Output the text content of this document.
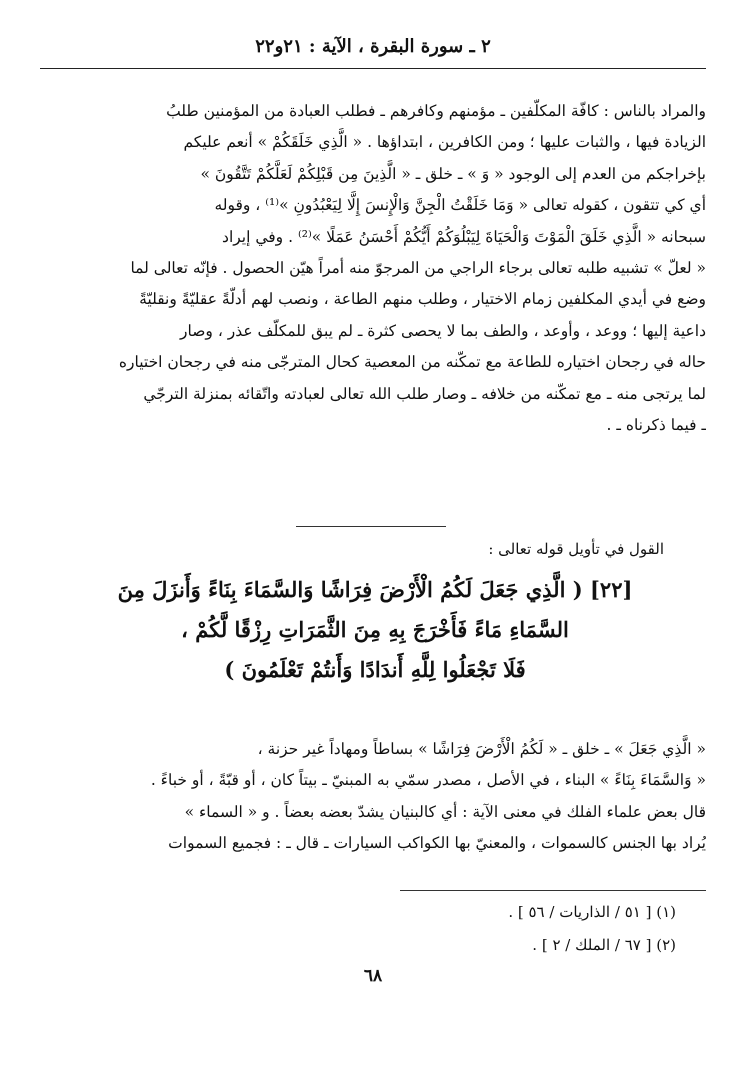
٢ ـ سورة البقرة ، الآية : ٢١و٢٢
والمراد بالناس : كافّة المكلّفين ـ مؤمنهم وكافرهم ـ فطلب العبادة من المؤمنين طلبُ
الزيادة فيها ، والثبات عليها ؛ ومن الكافرين ، ابتداؤها . « الَّذِي خَلَقَكُمْ » أنعم عليكم
بإخراجكم من العدم إلى الوجود « وَ » ـ خلق ـ « الَّذِينَ مِن قَبْلِكُمْ لَعَلَّكُمْ تَتَّقُونَ »
أي كي تتقون ، كقوله تعالى « وَمَا خَلَقْتُ الْجِنَّ وَالْإِنسَ إِلَّا لِيَعْبُدُونِ »⁽¹⁾ ، وقوله
سبحانه « الَّذِي خَلَقَ الْمَوْتَ وَالْحَيَاةَ لِيَبْلُوَكُمْ أَيُّكُمْ أَحْسَنُ عَمَلًا »⁽²⁾ . وفي إيراد
« لعلّ » تشبيه طلبه تعالى برجاء الراجي من المرجوّ منه أمراً هيّن الحصول . فإنّه تعالى لما
وضع في أيدي المكلفين زمام الاختيار ، وطلب منهم الطاعة ، ونصب لهم أدلّةً عقليّةً ونقليّةً
داعية إليها ؛ ووعد ، وأوعد ، والطف بما لا يحصى كثرة ـ لم يبق للمكلّف عذر ، وصار
حاله في رجحان اختياره للطاعة مع تمكّنه من المعصية كحال المترجّى منه في رجحان اختياره
لما يرتجى منه ـ مع تمكّنه من خلافه ـ وصار طلب الله تعالى لعبادته واتّقائه بمنزلة الترجّي
ـ فيما ذكرناه ـ .
القول في تأويل قوله تعالى :
[٢٢] ( الَّذِي جَعَلَ لَكُمُ الْأَرْضَ فِرَاشًا وَالسَّمَاءَ بِنَاءً وَأَنزَلَ مِنَ
السَّمَاءِ مَاءً فَأَخْرَجَ بِهِ مِنَ الثَّمَرَاتِ رِزْقًا لَّكُمْ ،
فَلَا تَجْعَلُوا لِلَّهِ أَندَادًا وَأَنتُمْ تَعْلَمُونَ )
« الَّذِي جَعَلَ » ـ خلق ـ « لَكُمُ الْأَرْضَ فِرَاشًا » بساطاً ومهاداً غير حزنة ،
« وَالسَّمَاءَ بِنَاءً » البناء ، في الأصل ، مصدر سمّي به المبنيّ ـ بيتاً كان ، أو قبّةً ، أو خباءً .
قال بعض علماء الفلك في معنى الآية : أي كالبنيان يشدّ بعضه بعضاً . و « السماء »
يُراد بها الجنس كالسموات ، والمعنيّ بها الكواكب السيارات ـ قال ـ : فجميع السموات
(١) [ ٥١ / الذاريات / ٥٦ ] .
(٢) [ ٦٧ / الملك / ٢ ] .
٦٨
